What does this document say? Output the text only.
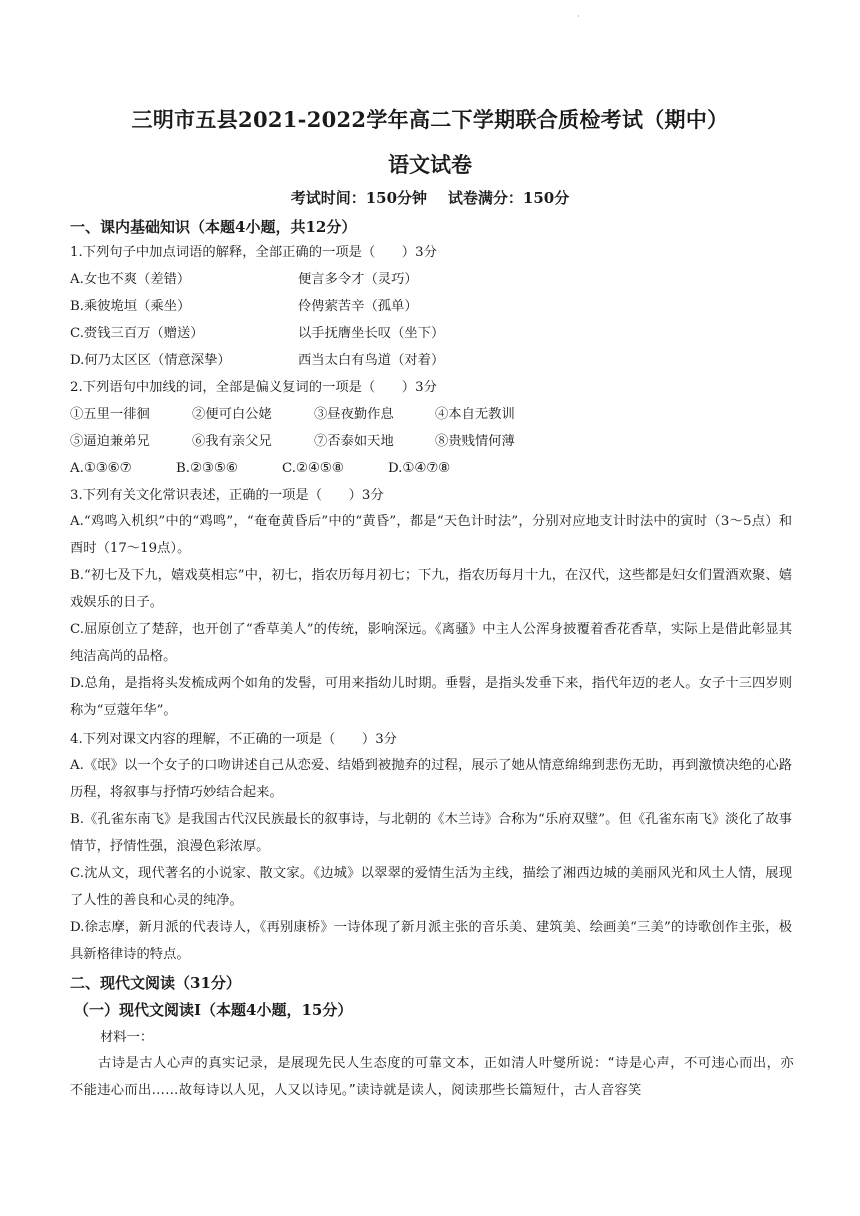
·
三明市五县2021-2022学年高二下学期联合质检考试（期中）
语文试卷
考试时间：150分钟    试卷满分：150分
一、课内基础知识（本题4小题，共12分）
1.下列句子中加点词语的解释，全部正确的一项是（　　）3分
A.女也不爽（差错）	便言多令才（灵巧）
B.乘彼垝垣（乘坐）	伶俜萦苦辛（孤单）
C.赍钱三百万（赠送）	以手抚膺坐长叹（坐下）
D.何乃太区区（情意深挚）	西当太白有鸟道（对着）
2.下列语句中加线的词，全部是偏义复词的一项是（　　）3分
①五里一徘徊	②便可白公姥	③昼夜勤作息	④本自无教训
⑤逼迫兼弟兄	⑥我有亲父兄	⑦否泰如天地	⑧贵贱情何薄
A.①③⑥⑦	B.②③⑤⑥	C.②④⑤⑧	D.①④⑦⑧
3.下列有关文化常识表述，正确的一项是（　　）3分
A.“鸡鸣入机织”中的“鸡鸣”，“奄奄黄昏后”中的“黄昏”，都是“天色计时法”，分别对应地支计时法中的寅时（3～5点）和酉时（17～19点）。
B.“初七及下九，嬉戏莫相忘”中，初七，指农历每月初七；下九，指农历每月十九，在汉代，这些都是妇女们置酒欢聚、嬉戏娱乐的日子。
C.屈原创立了楚辞，也开创了“香草美人”的传统，影响深远。《离骚》中主人公浑身披覆着香花香草，实际上是借此彰显其纯洁高尚的品格。
D.总角，是指将头发梳成两个如角的发髻，可用来指幼儿时期。垂髫，是指头发垂下来，指代年迈的老人。女子十三四岁则称为“豆蔻年华”。
4.下列对课文内容的理解，不正确的一项是（　　）3分
A.《氓》以一个女子的口吻讲述自己从恋爱、结婚到被抛弃的过程，展示了她从情意绵绵到悲伤无助，再到激愤决绝的心路历程，将叙事与抒情巧妙结合起来。
B.《孔雀东南飞》是我国古代汉民族最长的叙事诗，与北朝的《木兰诗》合称为“乐府双璧”。但《孔雀东南飞》淡化了故事情节，抒情性强，浪漫色彩浓厚。
C.沈从文，现代著名的小说家、散文家。《边城》以翠翠的爱情生活为主线，描绘了湘西边城的美丽风光和风土人情，展现了人性的善良和心灵的纯净。
D.徐志摩，新月派的代表诗人，《再别康桥》一诗体现了新月派主张的音乐美、建筑美、绘画美“三美”的诗歌创作主张，极具新格律诗的特点。
二、现代文阅读（31分）
（一）现代文阅读Ⅰ（本题4小题，15分）
材料一：
古诗是古人心声的真实记录，是展现先民人生态度的可靠文本，正如清人叶燮所说：“诗是心声，不可违心而出，亦不能违心而出……故每诗以人见，人又以诗见。”读诗就是读人，阅读那些长篇短什，古人音容笑
